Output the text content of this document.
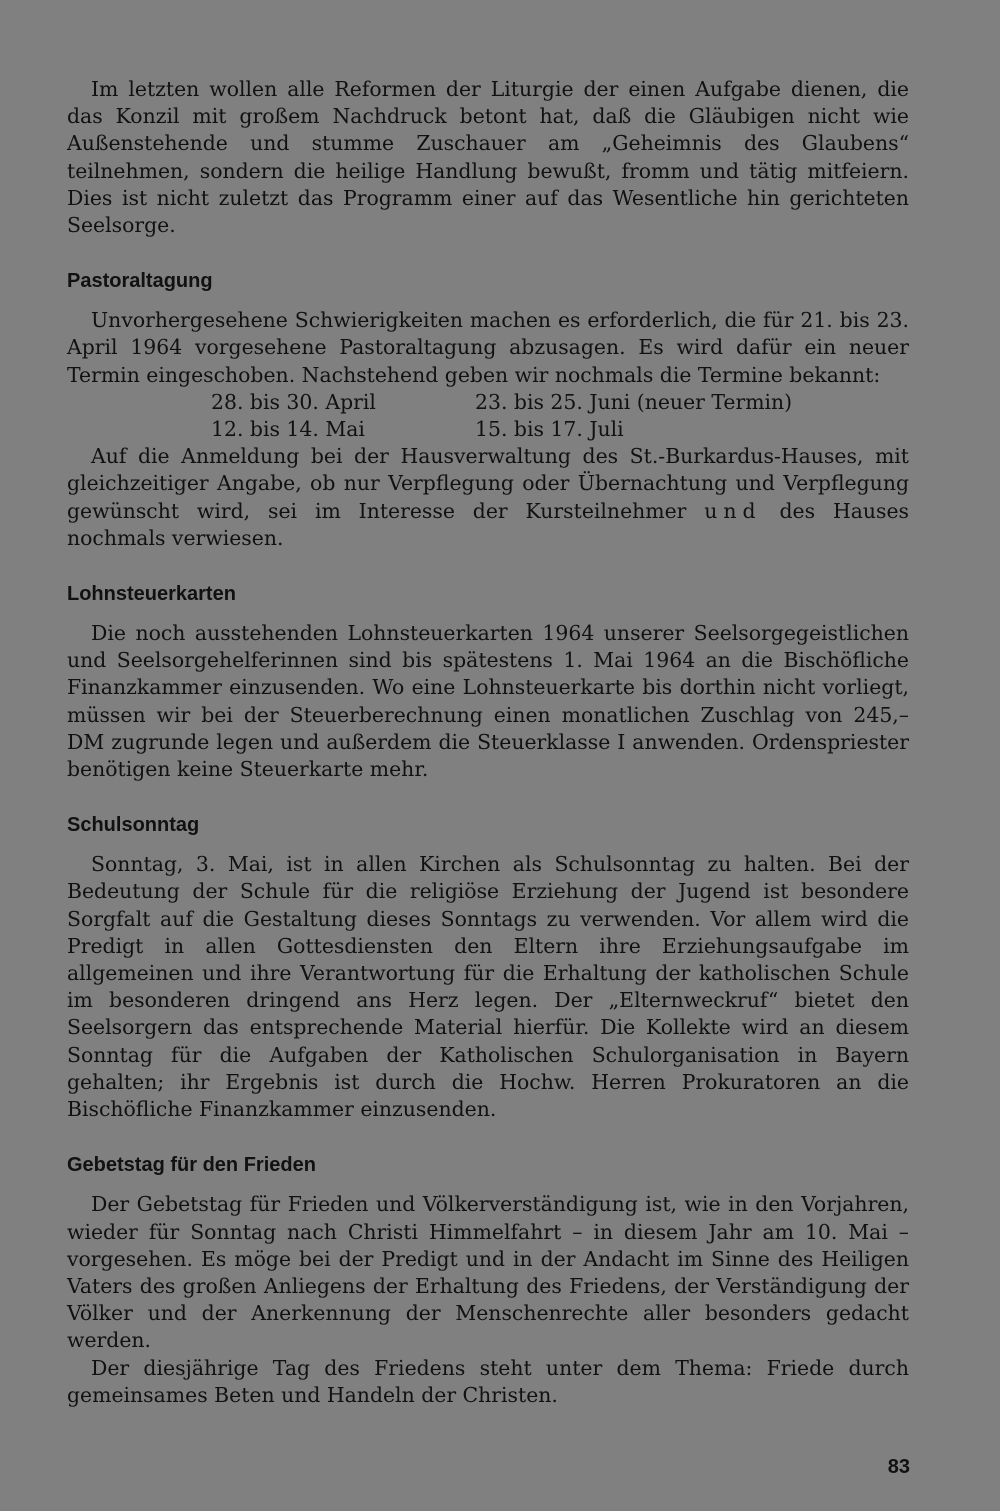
Im letzten wollen alle Reformen der Liturgie der einen Aufgabe dienen, die das Konzil mit großem Nachdruck betont hat, daß die Gläubigen nicht wie Außenstehende und stumme Zuschauer am „Geheimnis des Glaubens“ teilnehmen, sondern die heilige Handlung bewußt, fromm und tätig mitfeiern. Dies ist nicht zuletzt das Programm einer auf das Wesentliche hin gerichteten Seelsorge.

Pastoraltagung

Unvorhergesehene Schwierigkeiten machen es erforderlich, die für 21. bis 23. April 1964 vorgesehene Pastoraltagung abzusagen. Es wird dafür ein neuer Termin eingeschoben. Nachstehend geben wir nochmals die Termine bekannt:

28. bis 30. April	23. bis 25. Juni (neuer Termin)
12. bis 14. Mai	15. bis 17. Juli

Auf die Anmeldung bei der Hausverwaltung des St.-Burkardus-Hauses, mit gleichzeitiger Angabe, ob nur Verpflegung oder Übernachtung und Verpflegung gewünscht wird, sei im Interesse der Kursteilnehmer und des Hauses nochmals verwiesen.

Lohnsteuerkarten

Die noch ausstehenden Lohnsteuerkarten 1964 unserer Seelsorgegeistlichen und Seelsorgehelferinnen sind bis spätestens 1. Mai 1964 an die Bischöfliche Finanzkammer einzusenden. Wo eine Lohnsteuerkarte bis dorthin nicht vorliegt, müssen wir bei der Steuerberechnung einen monatlichen Zuschlag von 245,– DM zugrunde legen und außerdem die Steuerklasse I anwenden. Ordenspriester benötigen keine Steuerkarte mehr.

Schulsonntag

Sonntag, 3. Mai, ist in allen Kirchen als Schulsonntag zu halten. Bei der Bedeutung der Schule für die religiöse Erziehung der Jugend ist besondere Sorgfalt auf die Gestaltung dieses Sonntags zu verwenden. Vor allem wird die Predigt in allen Gottesdiensten den Eltern ihre Erziehungsaufgabe im allgemeinen und ihre Verantwortung für die Erhaltung der katholischen Schule im besonderen dringend ans Herz legen. Der „Elternweckruf“ bietet den Seelsorgern das entsprechende Material hierfür. Die Kollekte wird an diesem Sonntag für die Aufgaben der Katholischen Schulorganisation in Bayern gehalten; ihr Ergebnis ist durch die Hochw. Herren Prokuratoren an die Bischöfliche Finanzkammer einzusenden.

Gebetstag für den Frieden

Der Gebetstag für Frieden und Völkerverständigung ist, wie in den Vorjahren, wieder für Sonntag nach Christi Himmelfahrt – in diesem Jahr am 10. Mai – vorgesehen. Es möge bei der Predigt und in der Andacht im Sinne des Heiligen Vaters des großen Anliegens der Erhaltung des Friedens, der Verständigung der Völker und der Anerkennung der Menschenrechte aller besonders gedacht werden.

Der diesjährige Tag des Friedens steht unter dem Thema: Friede durch gemeinsames Beten und Handeln der Christen.

83
